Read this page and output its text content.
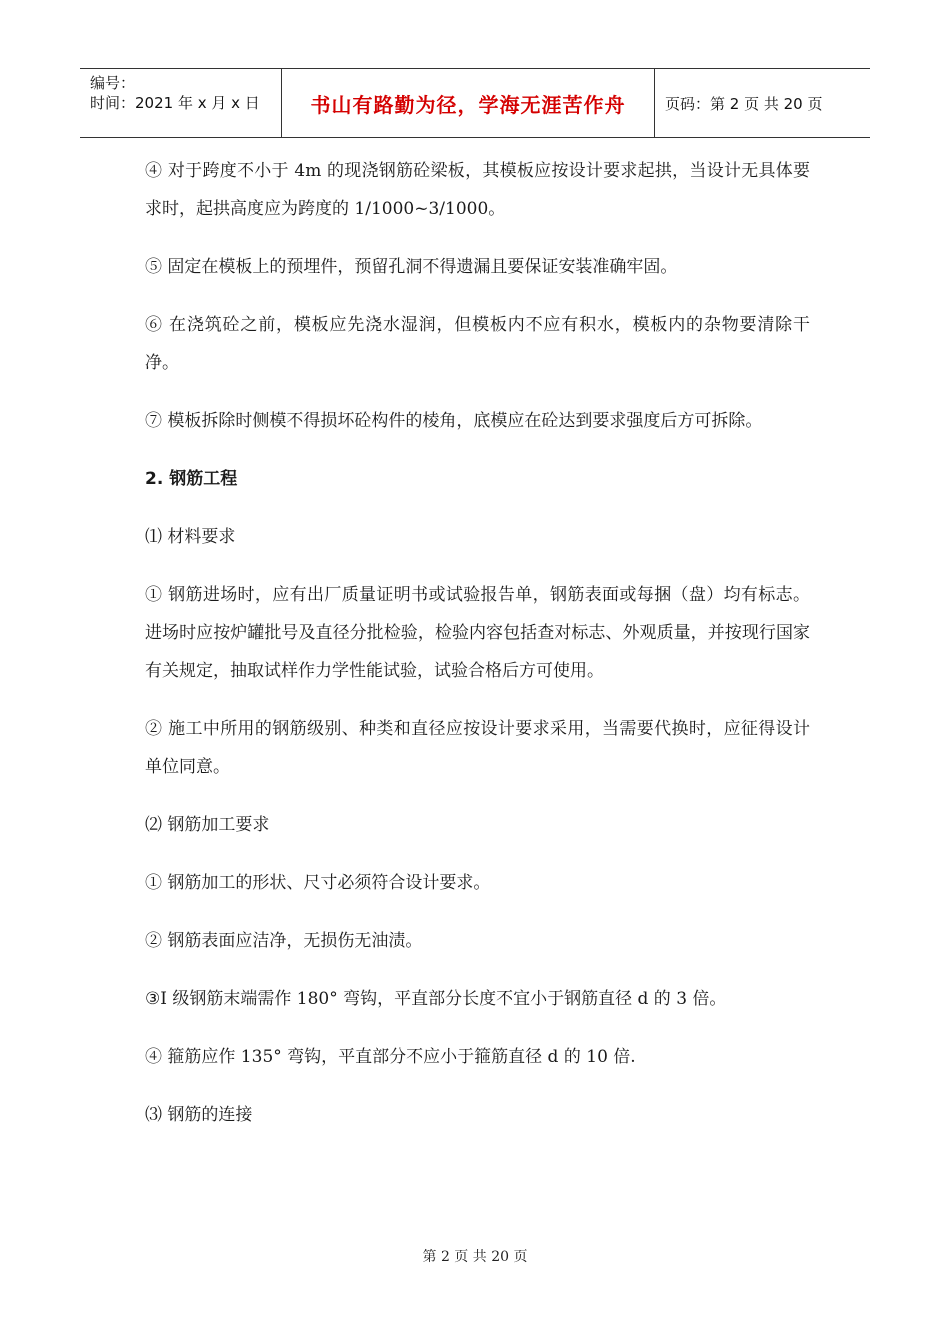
编号：
时间：2021 年 x 月 x 日	书山有路勤为径，学海无涯苦作舟	页码：第 2 页 共 20 页

④ 对于跨度不小于 4m 的现浇钢筋砼梁板，其模板应按设计要求起拱，当设计无具体要求时，起拱高度应为跨度的 1/1000~3/1000。

⑤ 固定在模板上的预埋件，预留孔洞不得遗漏且要保证安装准确牢固。

⑥ 在浇筑砼之前，模板应先浇水湿润，但模板内不应有积水，模板内的杂物要清除干净。

⑦ 模板拆除时侧模不得损坏砼构件的棱角，底模应在砼达到要求强度后方可拆除。

2. 钢筋工程

⑴ 材料要求

① 钢筋进场时，应有出厂质量证明书或试验报告单，钢筋表面或每捆（盘）均有标志。进场时应按炉罐批号及直径分批检验，检验内容包括查对标志、外观质量，并按现行国家有关规定，抽取试样作力学性能试验，试验合格后方可使用。

② 施工中所用的钢筋级别、种类和直径应按设计要求采用，当需要代换时，应征得设计单位同意。

⑵ 钢筋加工要求

① 钢筋加工的形状、尺寸必须符合设计要求。

② 钢筋表面应洁净，无损伤无油渍。

③Ⅰ 级钢筋末端需作 180° 弯钩，平直部分长度不宜小于钢筋直径 d 的 3 倍。

④ 箍筋应作 135° 弯钩，平直部分不应小于箍筋直径 d 的 10 倍.

⑶ 钢筋的连接

第 2 页 共 20 页
